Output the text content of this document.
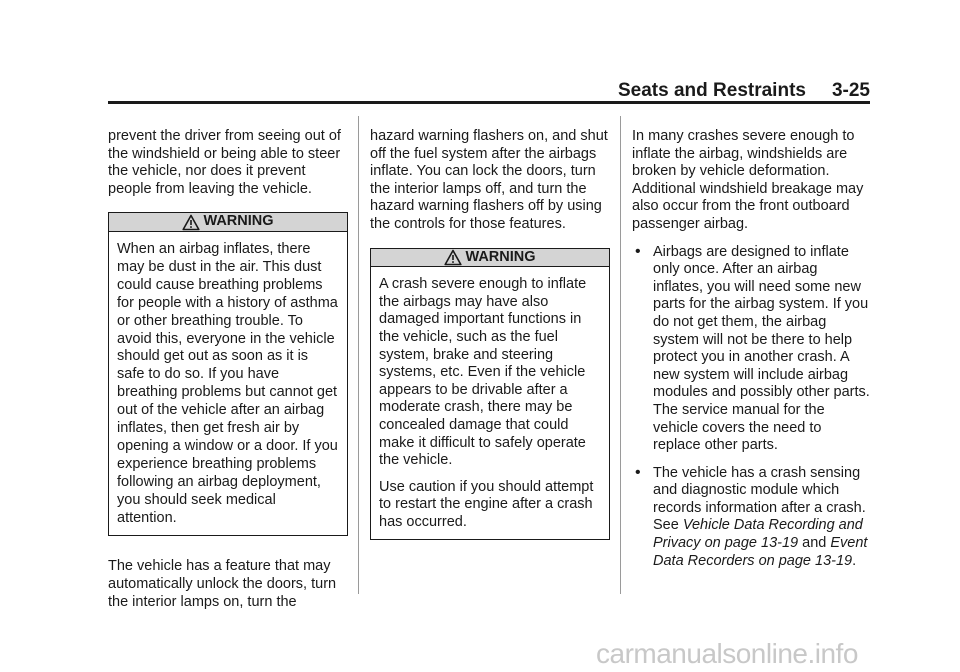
Seats and Restraints 3-25

prevent the driver from seeing out of the windshield or being able to steer the vehicle, nor does it prevent people from leaving the vehicle.

WARNING

When an airbag inflates, there may be dust in the air. This dust could cause breathing problems for people with a history of asthma or other breathing trouble. To avoid this, everyone in the vehicle should get out as soon as it is safe to do so. If you have breathing problems but cannot get out of the vehicle after an airbag inflates, then get fresh air by opening a window or a door. If you experience breathing problems following an airbag deployment, you should seek medical attention.

The vehicle has a feature that may automatically unlock the doors, turn the interior lamps on, turn the

hazard warning flashers on, and shut off the fuel system after the airbags inflate. You can lock the doors, turn the interior lamps off, and turn the hazard warning flashers off by using the controls for those features.

WARNING

A crash severe enough to inflate the airbags may have also damaged important functions in the vehicle, such as the fuel system, brake and steering systems, etc. Even if the vehicle appears to be drivable after a moderate crash, there may be concealed damage that could make it difficult to safely operate the vehicle.

Use caution if you should attempt to restart the engine after a crash has occurred.

In many crashes severe enough to inflate the airbag, windshields are broken by vehicle deformation. Additional windshield breakage may also occur from the front outboard passenger airbag.

• Airbags are designed to inflate only once. After an airbag inflates, you will need some new parts for the airbag system. If you do not get them, the airbag system will not be there to help protect you in another crash. A new system will include airbag modules and possibly other parts. The service manual for the vehicle covers the need to replace other parts.
• The vehicle has a crash sensing and diagnostic module which records information after a crash. See Vehicle Data Recording and Privacy on page 13-19 and Event Data Recorders on page 13-19.
carmanualsonline.info
